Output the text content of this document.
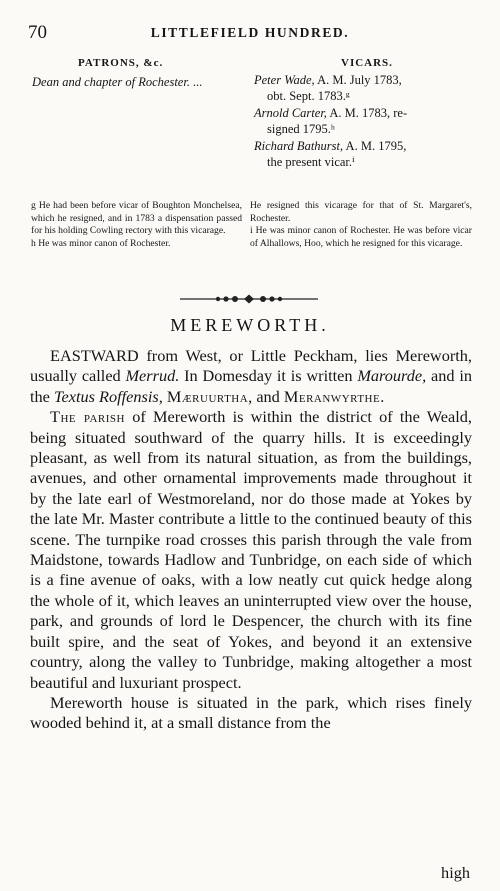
70	LITTLEFIELD HUNDRED.
PATRONS, &c.	VICARS.
Dean and chapter of Rochester. ...	Peter Wade, A. M. July 1783,
obt. Sept. 1783.ᵍ
Arnold Carter, A. M. 1783, re-
signed 1795.ʰ
Richard Bathurst, A. M. 1795,
the present vicar.ⁱ

g He had been before vicar of Boughton Monchelsea, which he resigned, and in 1783 a dispensation passed for his holding Cowling rectory with this vicarage.

h He was minor canon of Rochester.

He resigned this vicarage for that of St. Margaret's, Rochester.

i He was minor canon of Rochester. He was before vicar of Alhallows, Hoo, which he resigned for this vicarage.

MEREWORTH.

EASTWARD from West, or Little Peckham, lies Mereworth, usually called Merrud. In Domesday it is written Marourde, and in the Textus Roffensis, Mæruurtha, and Meranwyrthe.

The parish of Mereworth is within the district of the Weald, being situated southward of the quarry hills. It is exceedingly pleasant, as well from its natural situation, as from the buildings, avenues, and other ornamental improvements made throughout it by the late earl of Westmoreland, nor do those made at Yokes by the late Mr. Master contribute a little to the continued beauty of this scene. The turnpike road crosses this parish through the vale from Maidstone, towards Hadlow and Tunbridge, on each side of which is a fine avenue of oaks, with a low neatly cut quick hedge along the whole of it, which leaves an uninterrupted view over the house, park, and grounds of lord le Despencer, the church with its fine built spire, and the seat of Yokes, and beyond it an extensive country, along the valley to Tunbridge, making altogether a most beautiful and luxuriant prospect.

Mereworth house is situated in the park, which rises finely wooded behind it, at a small distance from the

high
